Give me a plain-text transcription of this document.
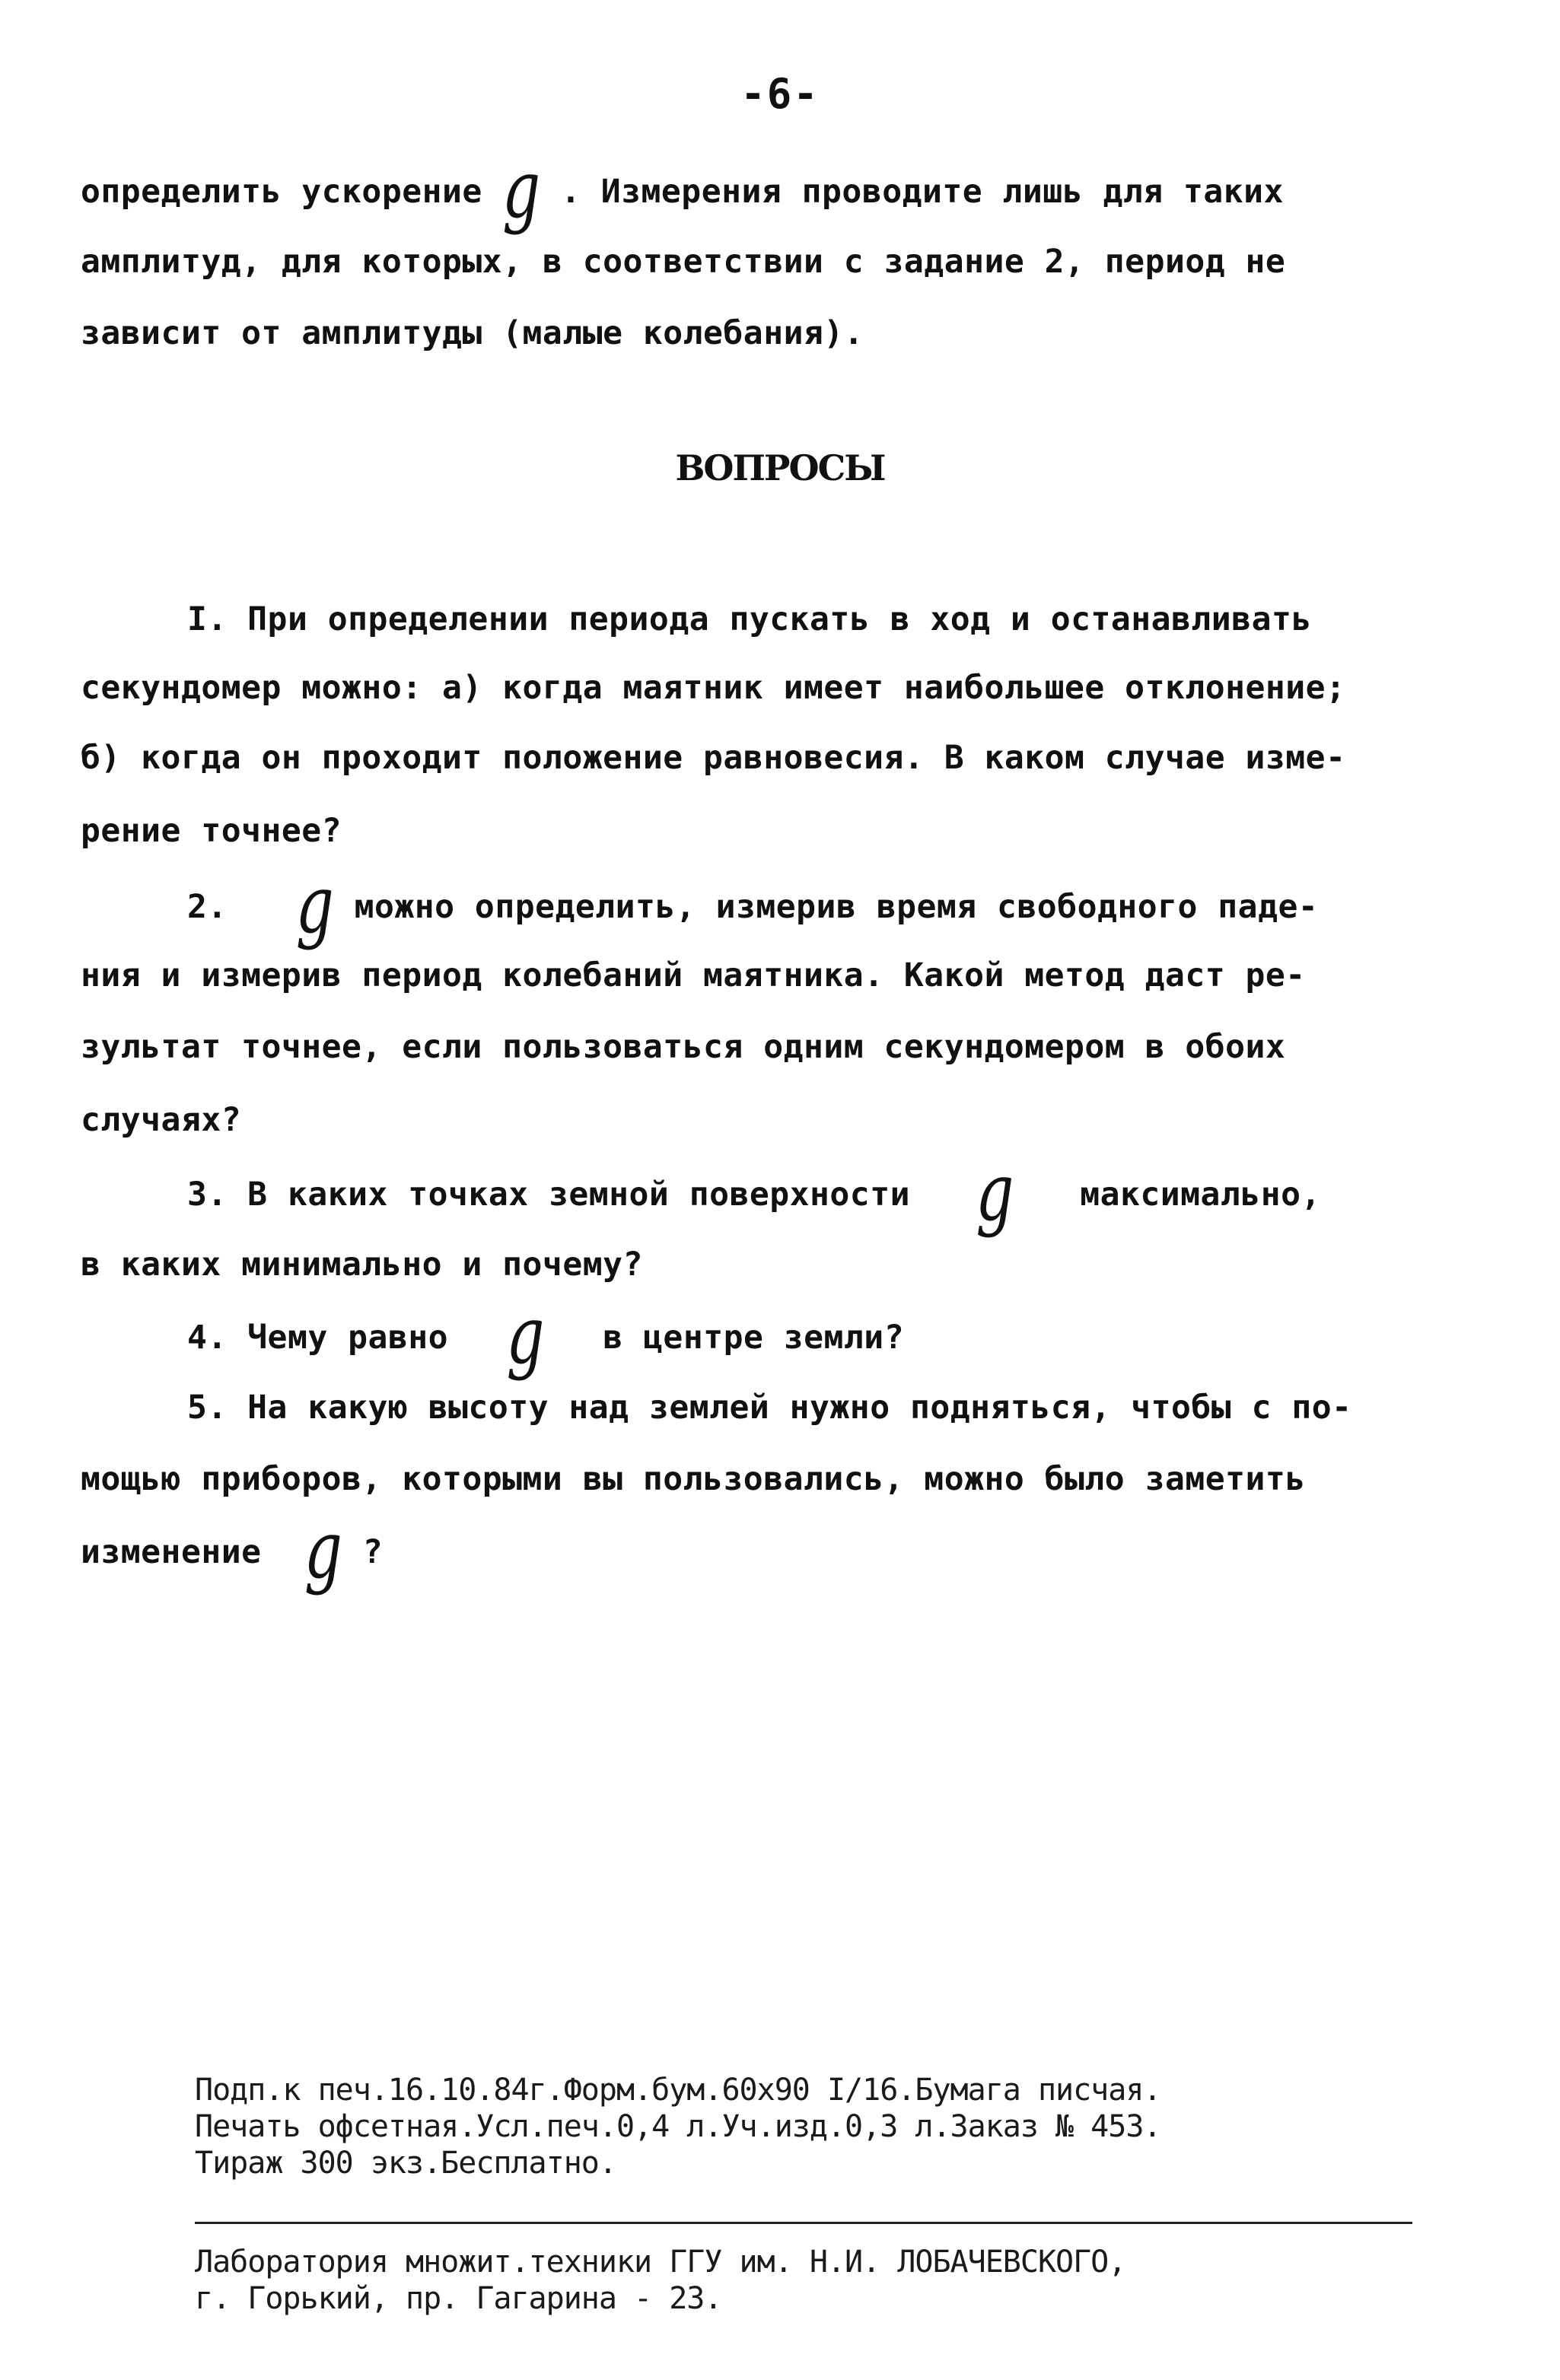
-6-
определить ускорение g . Измерения проводите лишь для таких
амплитуд, для которых, в соответствии с задание 2, период не
зависит от амплитуды (малые колебания).
ВОПРОСЫ
I. При определении периода пускать в ход и останавливать
секундомер можно: а) когда маятник имеет наибольшее отклонение;
б) когда он проходит положение равновесия. В каком случае изме-
рение точнее?
2. g можно определить, измерив время свободного паде-
ния и измерив период колебаний маятника. Какой метод даст ре-
зультат точнее, если пользоваться одним секундомером в обоих
случаях?
3. В каких точках земной поверхности g максимально,
в каких минимально и почему?
4. Чему равно g в центре земли?
5. На какую высоту над землей нужно подняться, чтобы с по-
мощью приборов, которыми вы пользовались, можно было заметить
изменение g ?
Подп.к печ.16.10.84г.Форм.бум.60x90 I/16.Бумага писчая.
Печать офсетная.Усл.печ.0,4 л.Уч.изд.0,3 л.Заказ № 453.
Тираж 300 экз.Бесплатно.
Лаборатория множит.техники ГГУ им. Н.И. ЛОБАЧЕВСКОГО,
г. Горький, пр. Гагарина - 23.
